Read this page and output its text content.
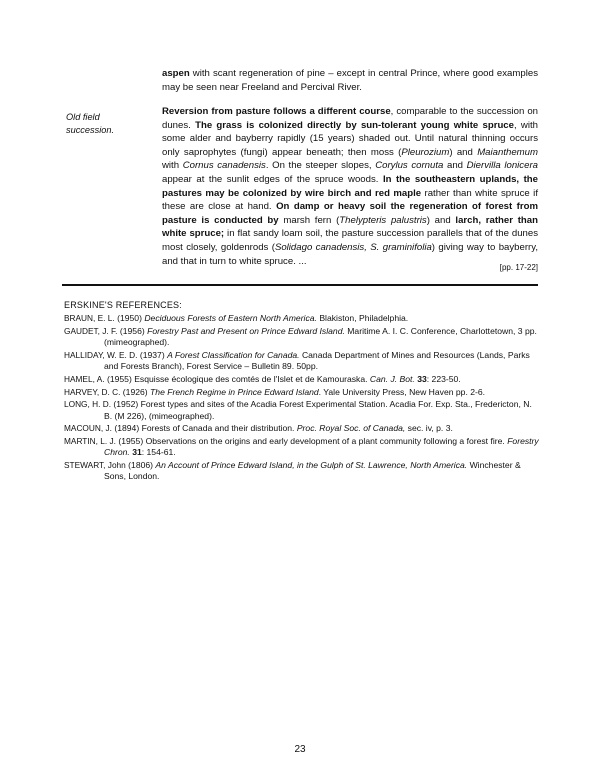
aspen with scant regeneration of pine – except in central Prince, where good examples may be seen near Freeland and Percival River.
Old field succession.
Reversion from pasture follows a different course, comparable to the succession on dunes. The grass is colonized directly by sun-tolerant young white spruce, with some alder and bayberry rapidly (15 years) shaded out. Until natural thinning occurs only saprophytes (fungi) appear beneath; then moss (Pleurozium) and Maianthemum with Cornus canadensis. On the steeper slopes, Corylus cornuta and Diervilla lonicera appear at the sunlit edges of the spruce woods. In the southeastern uplands, the pastures may be colonized by wire birch and red maple rather than white spruce if these are close at hand. On damp or heavy soil the regeneration of forest from pasture is conducted by marsh fern (Thelypteris palustris) and larch, rather than white spruce; in flat sandy loam soil, the pasture succession parallels that of the dunes most closely, goldenrods (Solidago canadensis, S. graminifolia) giving way to bayberry, and that in turn to white spruce. ...
[pp. 17-22]
ERSKINE'S REFERENCES:
BRAUN, E. L. (1950) Deciduous Forests of Eastern North America. Blakiston, Philadelphia.
GAUDET, J. F. (1956) Forestry Past and Present on Prince Edward Island. Maritime A. I. C. Conference, Charlottetown, 3 pp. (mimeographed).
HALLIDAY, W. E. D. (1937) A Forest Classification for Canada. Canada Department of Mines and Resources (Lands, Parks and Forests Branch), Forest Service – Bulletin 89. 50pp.
HAMEL, A. (1955) Esquisse écologique des comtés de l'Islet et de Kamouraska. Can. J. Bot. 33: 223-50.
HARVEY, D. C. (1926) The French Regime in Prince Edward Island. Yale University Press, New Haven pp. 2-6.
LONG, H. D. (1952) Forest types and sites of the Acadia Forest Experimental Station. Acadia For. Exp. Sta., Fredericton, N. B. (M 226), (mimeographed).
MACOUN, J. (1894) Forests of Canada and their distribution. Proc. Royal Soc. of Canada, sec. iv, p. 3.
MARTIN, L. J. (1955) Observations on the origins and early development of a plant community following a forest fire. Forestry Chron. 31: 154-61.
STEWART, John (1806) An Account of Prince Edward Island, in the Gulph of St. Lawrence, North America. Winchester & Sons, London.
23
